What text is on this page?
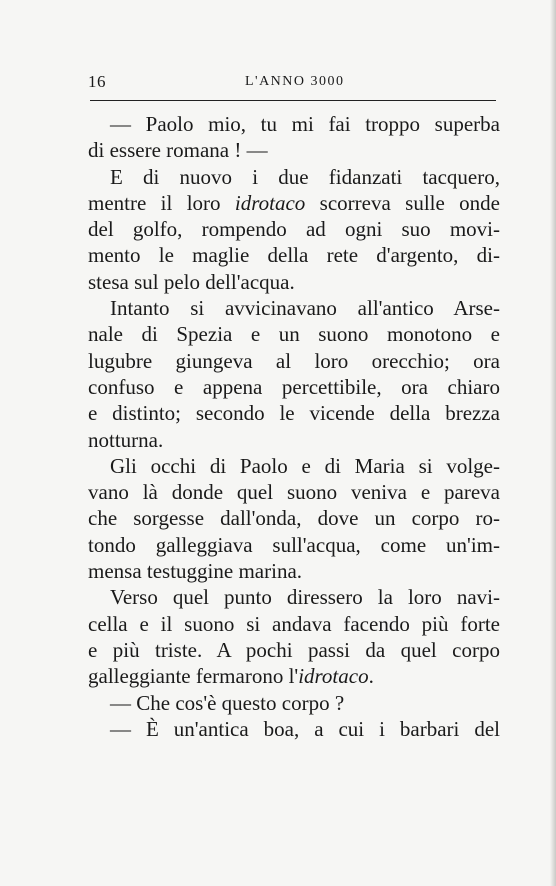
16	L'ANNO 3000
— Paolo mio, tu mi fai troppo superba
di essere romana ! —
E di nuovo i due fidanzati tacquero,
mentre il loro idrotaco scorreva sulle onde
del golfo, rompendo ad ogni suo movi-
mento le maglie della rete d'argento, di-
stesa sul pelo dell'acqua.
Intanto si avvicinavano all'antico Arse-
nale di Spezia e un suono monotono e
lugubre giungeva al loro orecchio; ora
confuso e appena percettibile, ora chiaro
e distinto; secondo le vicende della brezza
notturna.
Gli occhi di Paolo e di Maria si volge-
vano là donde quel suono veniva e pareva
che sorgesse dall'onda, dove un corpo ro-
tondo galleggiava sull'acqua, come un'im-
mensa testuggine marina.
Verso quel punto diressero la loro navi-
cella e il suono si andava facendo più forte
e più triste. A pochi passi da quel corpo
galleggiante fermarono l'idrotaco.
— Che cos'è questo corpo ?
— È un'antica boa, a cui i barbari del
